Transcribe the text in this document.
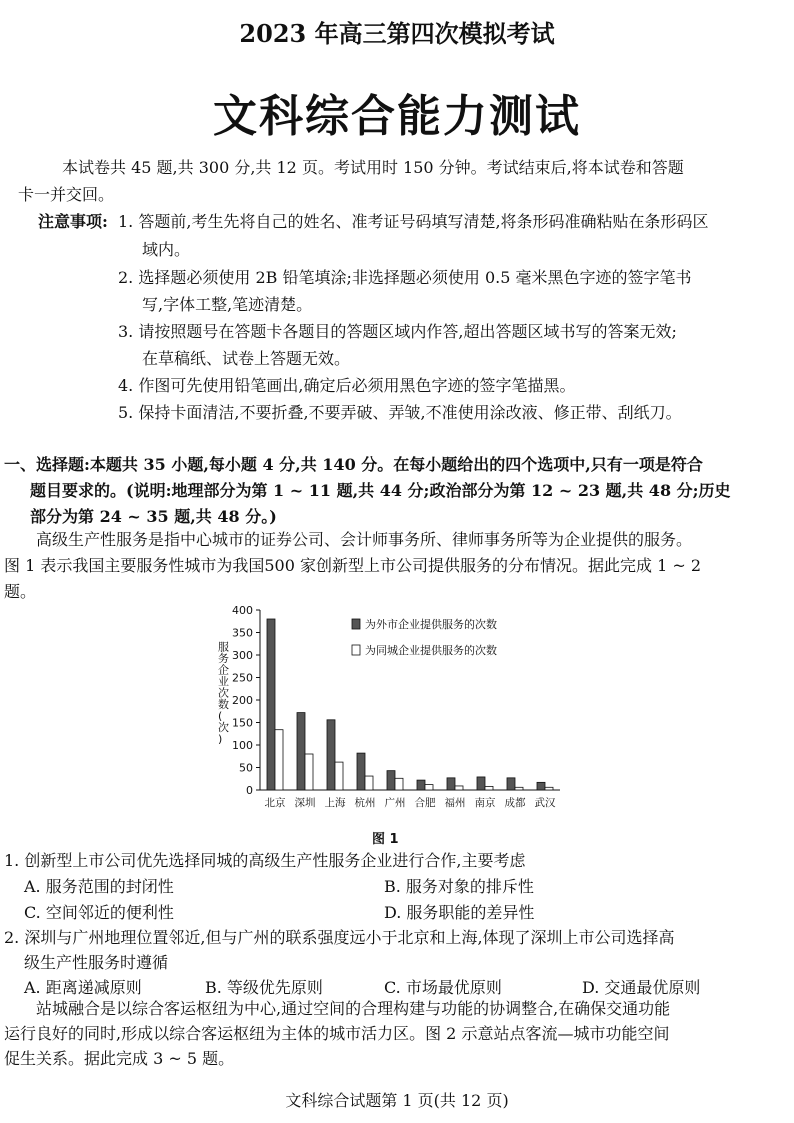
2023 年高三第四次模拟考试
文科综合能力测试
本试卷共 45 题,共 300 分,共 12 页。考试用时 150 分钟。考试结束后,将本试卷和答题
卡一并交回。
注意事项: 1. 答题前,考生先将自己的姓名、准考证号码填写清楚,将条形码准确粘贴在条形码区
域内。
2. 选择题必须使用 2B 铅笔填涂;非选择题必须使用 0.5 毫米黑色字迹的签字笔书
写,字体工整,笔迹清楚。
3. 请按照题号在答题卡各题目的答题区域内作答,超出答题区域书写的答案无效;
在草稿纸、试卷上答题无效。
4. 作图可先使用铅笔画出,确定后必须用黑色字迹的签字笔描黑。
5. 保持卡面清洁,不要折叠,不要弄破、弄皱,不准使用涂改液、修正带、刮纸刀。
一、选择题:本题共 35 小题,每小题 4 分,共 140 分。在每小题给出的四个选项中,只有一项是符合
题目要求的。(说明:地理部分为第 1 ~ 11 题,共 44 分;政治部分为第 12 ~ 23 题,共 48 分;历史
部分为第 24 ~ 35 题,共 48 分。)
高级生产性服务是指中心城市的证券公司、会计师事务所、律师事务所等为企业提供的服务。
图 1 表示我国主要服务性城市为我国500 家创新型上市公司提供服务的分布情况。据此完成 1 ~ 2
题。
0
50
100
150
200
250
300
350
400
服务企业次数(次)
北京 深圳 上海 杭州 广州 合肥 福州 南京 成都 武汉
为外市企业提供服务的次数
为同城企业提供服务的次数
图 1
1. 创新型上市公司优先选择同城的高级生产性服务企业进行合作,主要考虑
A. 服务范围的封闭性	B. 服务对象的排斥性
C. 空间邻近的便利性	D. 服务职能的差异性
2. 深圳与广州地理位置邻近,但与广州的联系强度远小于北京和上海,体现了深圳上市公司选择高
级生产性服务时遵循
A. 距离递减原则	B. 等级优先原则	C. 市场最优原则	D. 交通最优原则
站城融合是以综合客运枢纽为中心,通过空间的合理构建与功能的协调整合,在确保交通功能
运行良好的同时,形成以综合客运枢纽为主体的城市活力区。图 2 示意站点客流—城市功能空间
促生关系。据此完成 3 ~ 5 题。
文科综合试题第 1 页(共 12 页)
